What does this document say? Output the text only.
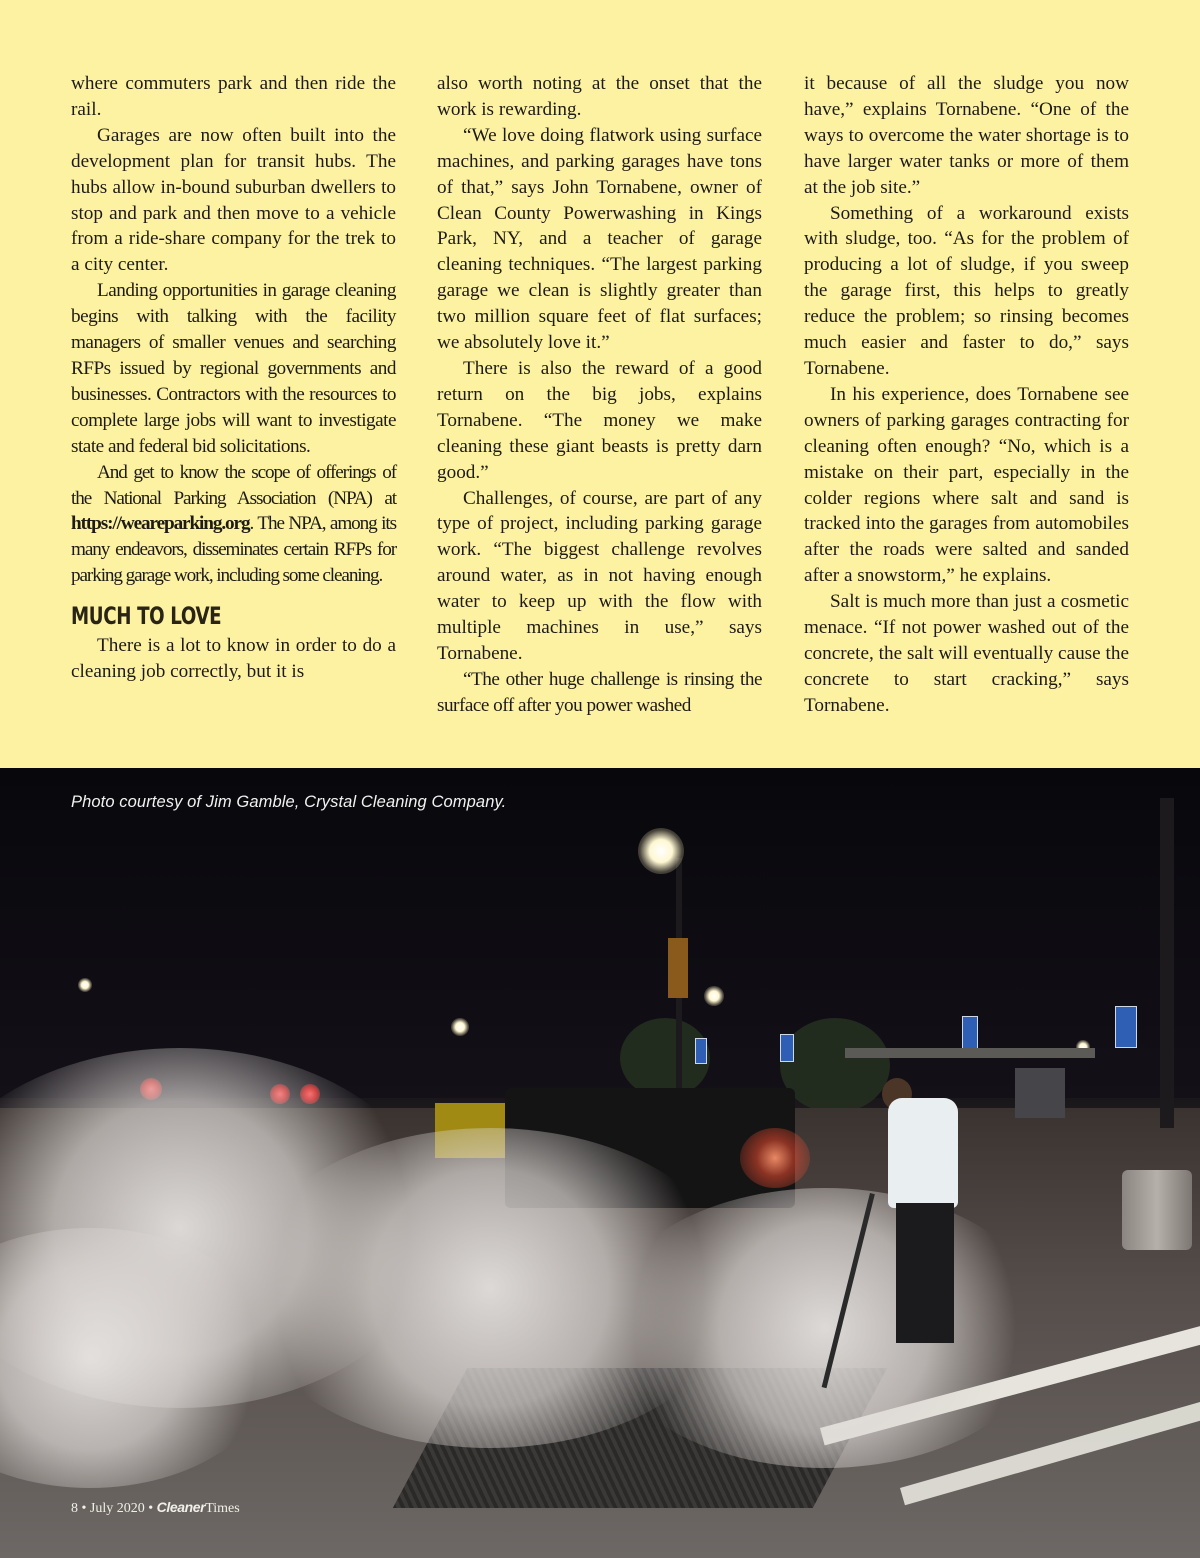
where commuters park and then ride the rail.

Garages are now often built into the development plan for transit hubs. The hubs allow in-bound suburban dwellers to stop and park and then move to a vehicle from a ride-share company for the trek to a city center.

Landing opportunities in garage cleaning begins with talking with the facility managers of smaller venues and searching RFPs issued by regional governments and businesses. Contractors with the resources to complete large jobs will want to investigate state and federal bid solicitations.

And get to know the scope of offerings of the National Parking Association (NPA) at https://weareparking.org. The NPA, among its many endeavors, disseminates certain RFPs for parking garage work, including some cleaning.

MUCH TO LOVE

There is a lot to know in order to do a cleaning job correctly, but it is

also worth noting at the onset that the work is rewarding.

“We love doing flatwork using surface machines, and parking garages have tons of that,” says John Tornabene, owner of Clean County Powerwashing in Kings Park, NY, and a teacher of garage cleaning techniques. “The largest parking garage we clean is slightly greater than two million square feet of flat surfaces; we absolutely love it.”

There is also the reward of a good return on the big jobs, explains Tornabene. “The money we make cleaning these giant beasts is pretty darn good.”

Challenges, of course, are part of any type of project, including parking garage work. “The biggest challenge revolves around water, as in not having enough water to keep up with the flow with multiple machines in use,” says Tornabene.

“The other huge challenge is rinsing the surface off after you power washed

it because of all the sludge you now have,” explains Tornabene. “One of the ways to overcome the water shortage is to have larger water tanks or more of them at the job site.”

Something of a workaround exists with sludge, too. “As for the problem of producing a lot of sludge, if you sweep the garage first, this helps to greatly reduce the problem; so rinsing becomes much easier and faster to do,” says Tornabene.

In his experience, does Tornabene see owners of parking garages contracting for cleaning often enough? “No, which is a mistake on their part, especially in the colder regions where salt and sand is tracked into the garages from automobiles after the roads were salted and sanded after a snowstorm,” he explains.

Salt is much more than just a cosmetic menace. “If not power washed out of the concrete, the salt will eventually cause the concrete to start cracking,” says Tornabene.

Photo courtesy of Jim Gamble, Crystal Cleaning Company.
8 • July 2020 • CleanerTimes
